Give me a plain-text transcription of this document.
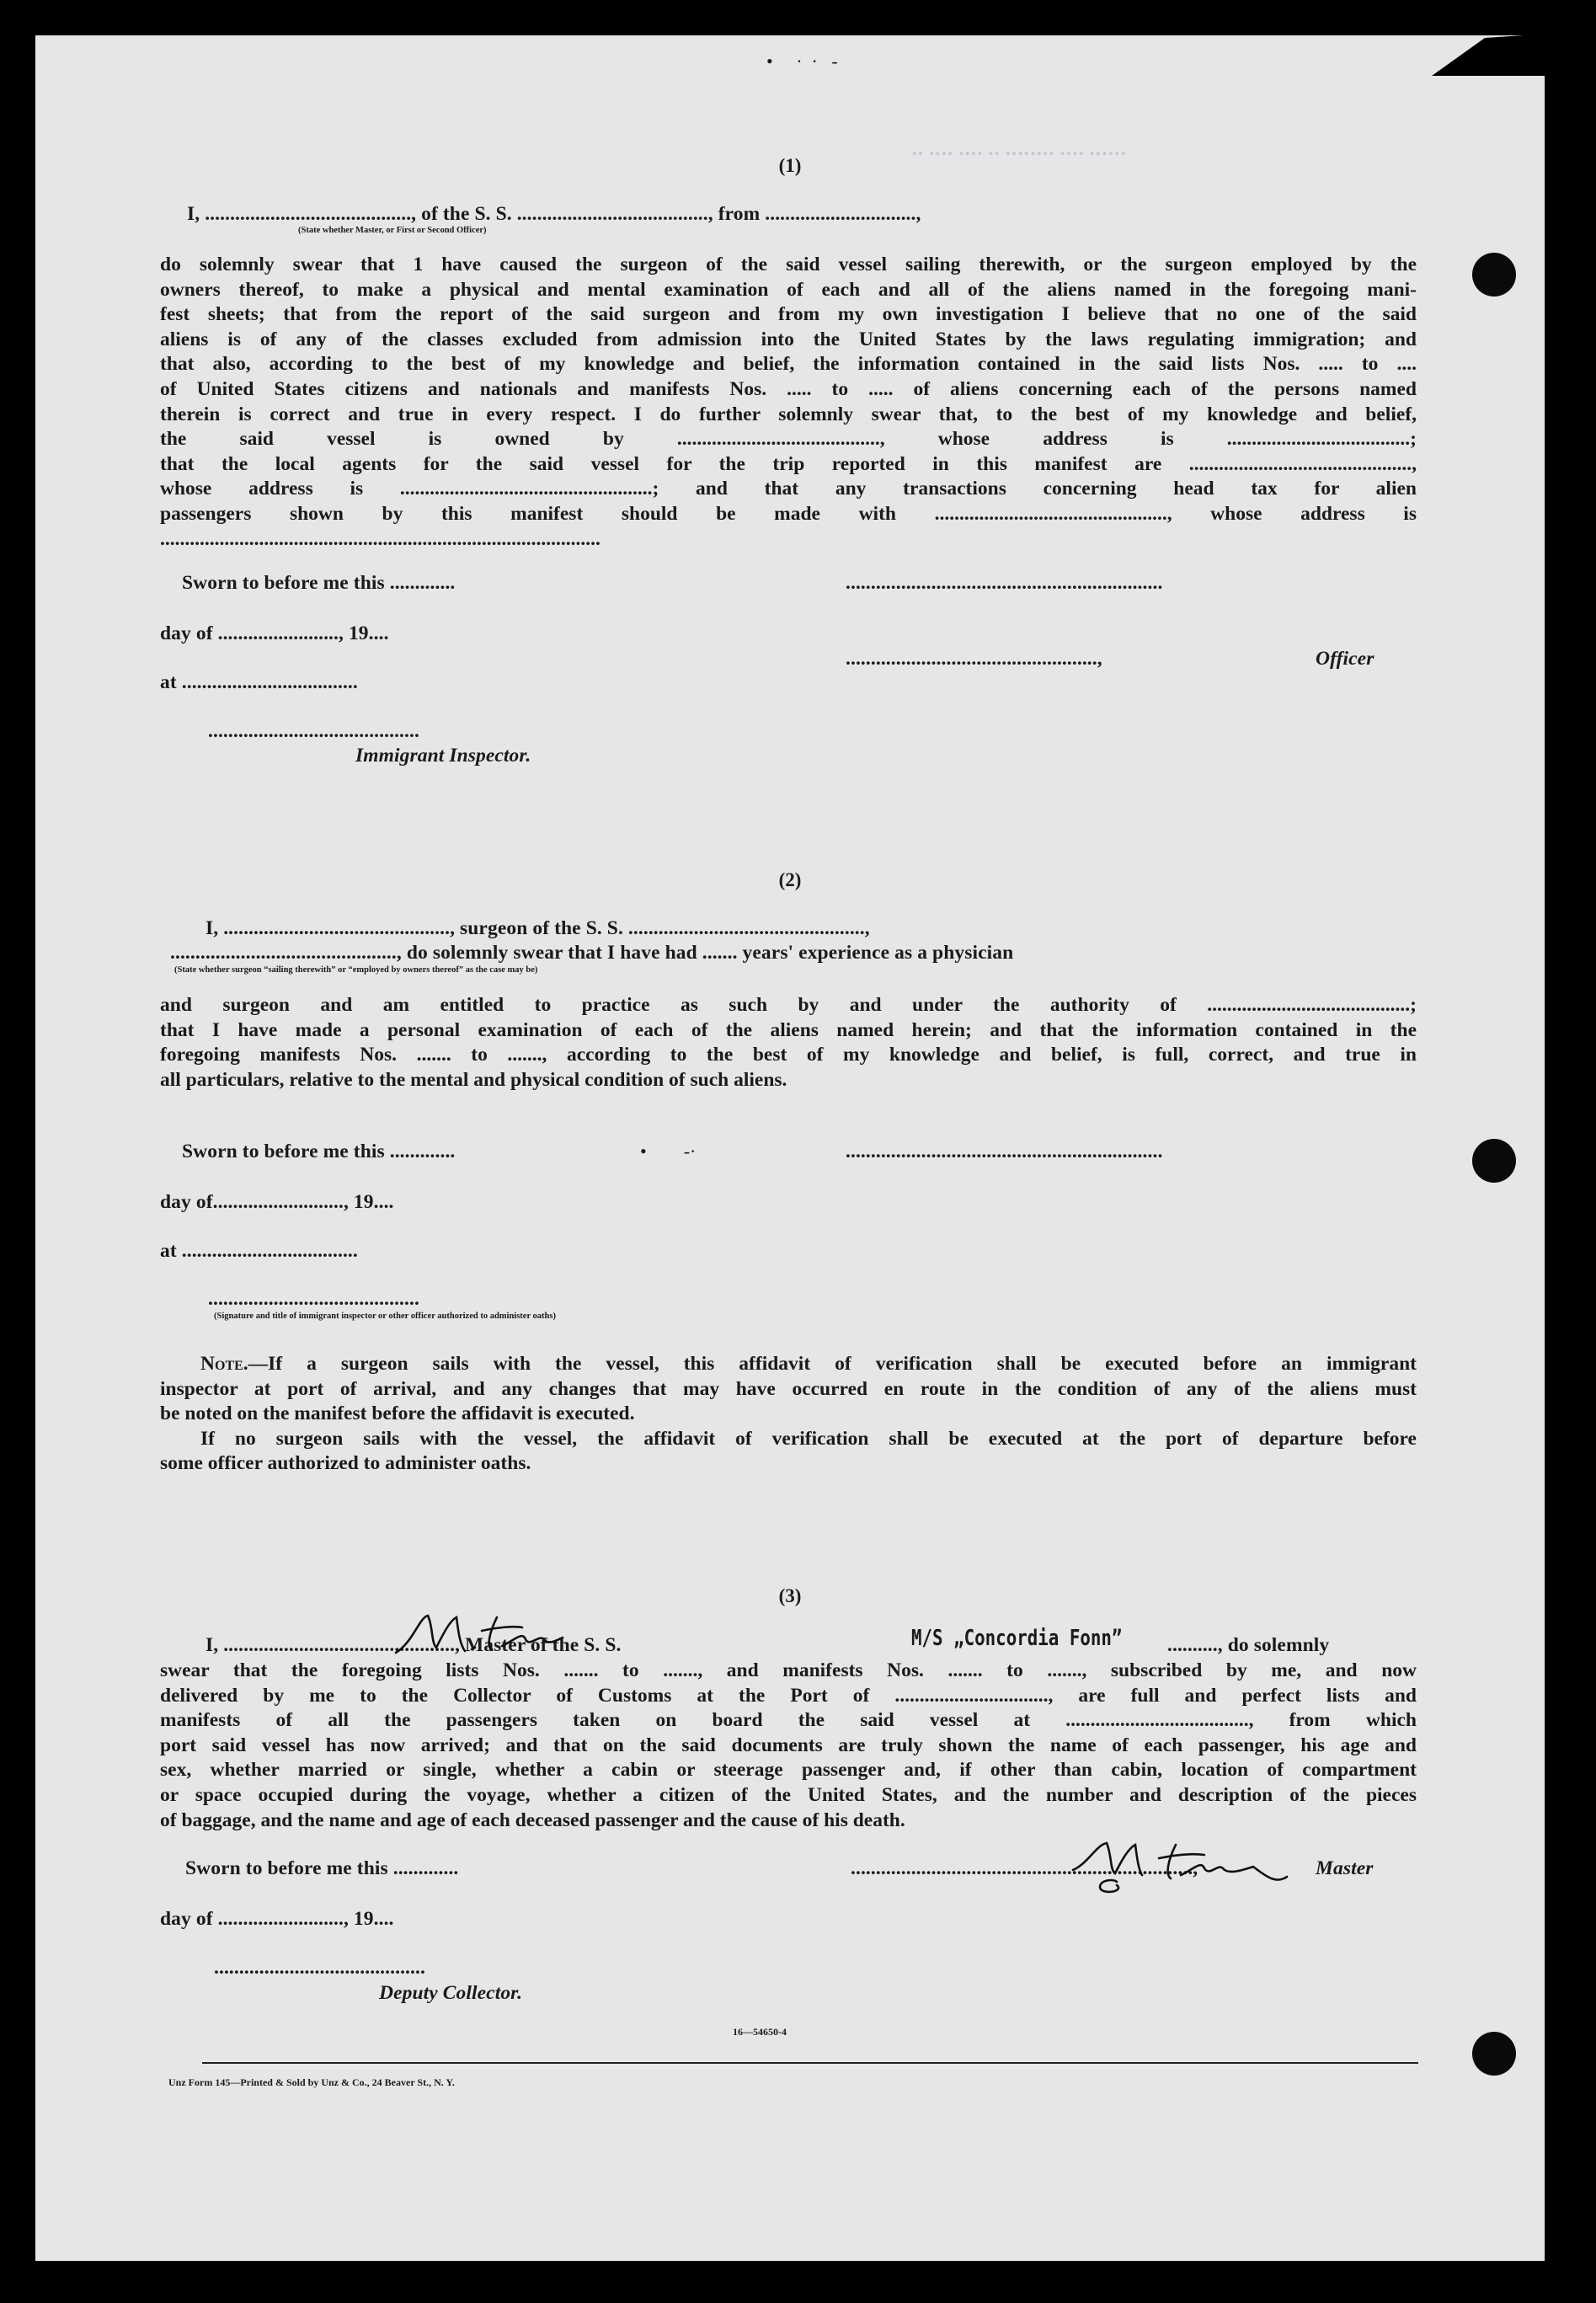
•     ·  ·   -
‥ ‥‥ ‥‥ ‥ ‥‥‥‥ ‥‥ ‥‥‥
(1)
I, ........................................., of the S. S. ......................................, from ..............................,
(State whether Master, or First or Second Officer)
do solemnly swear that 1 have caused the surgeon of the said vessel sailing therewith, or the surgeon employed by the
owners thereof, to make a physical and mental examination of each and all of the aliens named in the foregoing mani-
fest sheets; that from the report of the said surgeon and from my own investigation I believe that no one of the said
aliens is of any of the classes excluded from admission into the United States by the laws regulating immigration; and
that also, according to the best of my knowledge and belief, the information contained in the said lists Nos. ..... to ....
of United States citizens and nationals and manifests Nos. ..... to ..... of aliens concerning each of the persons named
therein is correct and true in every respect. I do further solemnly swear that, to the best of my knowledge and belief,
the said vessel is owned by ........................................., whose address is .....................................;
that the local agents for the said vessel for the trip reported in this manifest are .............................................,
whose address is ...................................................; and that any transactions concerning head tax for alien
passengers shown by this manifest should be made with ..............................................., whose address is
.........................................................................................
Sworn to before me this .............	...............................................................
day of ........................, 19....
..................................................,	Officer
at ...................................
..........................................
Immigrant Inspector.
(2)
I, ............................................., surgeon of the S. S. ...............................................,
............................................., do solemnly swear that I have had ....... years' experience as a physician
(State whether surgeon “sailing therewith” or “employed by owners thereof” as the case may be)
and surgeon and am entitled to practice as such by and under the authority of .........................................;
that I have made a personal examination of each of the aliens named herein; and that the information contained in the
foregoing manifests Nos. ....... to ......., according to the best of my knowledge and belief, is full, correct, and true in
all particulars, relative to the mental and physical condition of such aliens.
Sworn to before me this .............	•        -·	...............................................................
day of.........................., 19....
at ...................................
..........................................
(Signature and title of immigrant inspector or other officer authorized to administer oaths)
Note.—If a surgeon sails with the vessel, this affidavit of verification shall be executed before an immigrant
inspector at port of arrival, and any changes that may have occurred en route in the condition of any of the aliens must
be noted on the manifest before the affidavit is executed.
If no surgeon sails with the vessel, the affidavit of verification shall be executed at the port of departure before
some officer authorized to administer oaths.
(3)
I, .............................................., Master of the S. S.	M/S „Concordia Fonn” .........., do solemnly
swear that the foregoing lists Nos. ....... to ......., and manifests Nos. ....... to ......., subscribed by me, and now
delivered by me to the Collector of Customs at the Port of ..............................., are full and perfect lists and
manifests of all the passengers taken on board the said vessel at ....................................., from which
port said vessel has now arrived; and that on the said documents are truly shown the name of each passenger, his age and
sex, whether married or single, whether a cabin or steerage passenger and, if other than cabin, location of compartment
or space occupied during the voyage, whether a citizen of the United States, and the number and description of the pieces
of baggage, and the name and age of each deceased passenger and the cause of his death.
Sworn to before me this .............	....................................................................,	Master
day of ........................., 19....
..........................................
Deputy Collector.
16—54650-4
Unz Form 145—Printed & Sold by Unz & Co., 24 Beaver St., N. Y.
